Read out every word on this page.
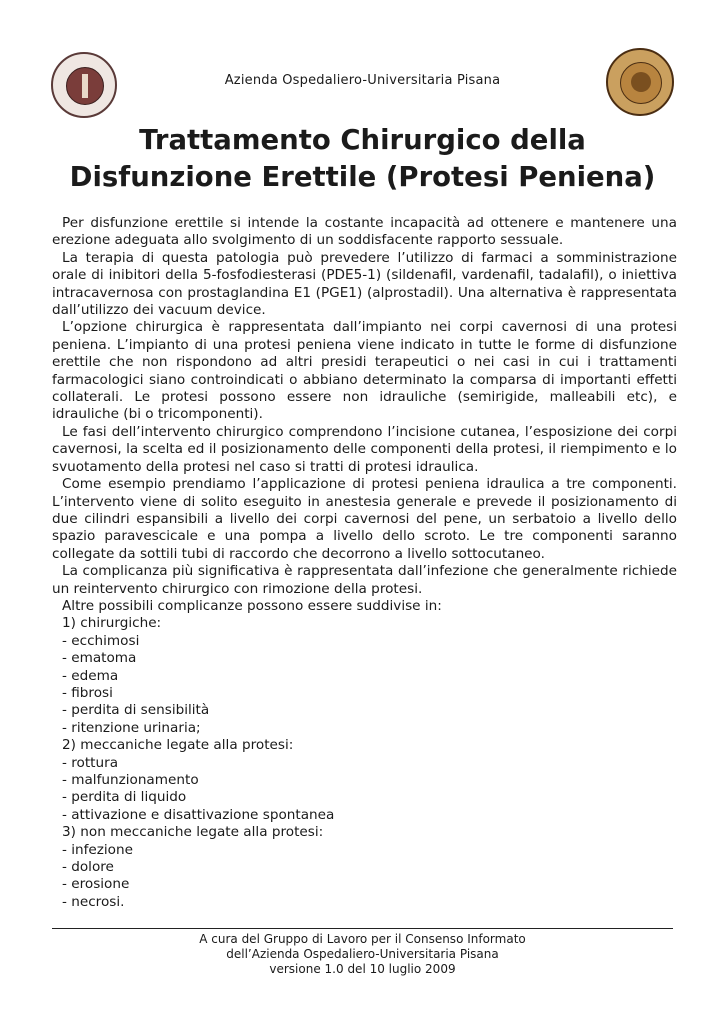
Azienda Ospedaliero-Universitaria Pisana
Trattamento Chirurgico della
Disfunzione Erettile (Protesi Peniena)

Per disfunzione erettile si intende la costante incapacità ad ottenere e mantenere una erezione adeguata allo svolgimento di un soddisfacente rapporto sessuale.

La terapia di questa patologia può prevedere l’utilizzo di farmaci a somministrazione orale di inibitori della 5-fosfodiesterasi (PDE5-1) (sildenafil, vardenafil, tadalafil), o iniettiva intracavernosa con prostaglandina E1 (PGE1) (alprostadil). Una alternativa è rappresentata dall’utilizzo dei vacuum device.

L’opzione chirurgica è rappresentata dall’impianto nei corpi cavernosi di una protesi peniena. L’impianto di una protesi peniena viene indicato in tutte le forme di disfunzione erettile che non rispondono ad altri presidi terapeutici o nei casi in cui i trattamenti farmacologici siano controindicati o abbiano determinato la comparsa di importanti effetti collaterali. Le protesi possono essere non idrauliche (semirigide, malleabili etc), e idrauliche (bi o tricomponenti).

Le fasi dell’intervento chirurgico comprendono l’incisione cutanea, l’esposizione dei corpi cavernosi, la scelta ed il posizionamento delle componenti della protesi, il riempimento e lo svuotamento della protesi nel caso si tratti di protesi idraulica.

Come esempio prendiamo l’applicazione di protesi peniena idraulica a tre componenti. L’intervento viene di solito eseguito in anestesia generale e prevede il posizionamento di due cilindri espansibili a livello dei corpi cavernosi del pene, un serbatoio a livello dello spazio paravescicale e una pompa a livello dello scroto. Le tre componenti saranno collegate da sottili tubi di raccordo che decorrono a livello sottocutaneo.

La complicanza più significativa è rappresentata dall’infezione che generalmente richiede un reintervento chirurgico con rimozione della protesi.

Altre possibili complicanze possono essere suddivise in:

1) chirurgiche:

- ecchimosi

- ematoma

- edema

- fibrosi

- perdita di sensibilità

- ritenzione urinaria;

2) meccaniche legate alla protesi:

- rottura

- malfunzionamento

- perdita di liquido

- attivazione e disattivazione spontanea

3) non meccaniche legate alla protesi:

- infezione

- dolore

- erosione

- necrosi.

A cura del Gruppo di Lavoro per il Consenso Informato
dell’Azienda Ospedaliero-Universitaria Pisana
versione 1.0 del 10 luglio 2009
